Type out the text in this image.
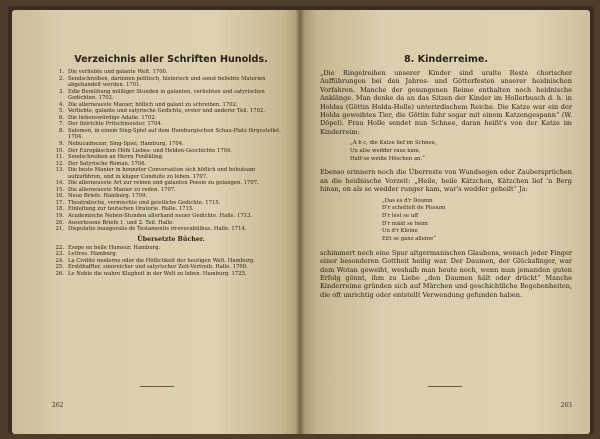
Verzeichnis aller Schriften Hunolds.
1. Die verliebte und galante Welt. 1700.
2. Sendschreiben, darinnen politisch, historisch und sonst beliebte Materien abgehandelt werden. 1701.
3. Edle Bemühung müßiger Stunden in galanten, verliebten und satyrischen Gedichten. 1702.
4. Die allerneueste Manier, höflich und galant zu schreiben. 1702.
5. Verliebte, galante und satyrische Gedichte, erster und anderer Teil. 1702.
6. Die liebenswürdige Adalie. 1702.
7. Der thörichte Pritschmeister. 1704.
8. Salomon, in einem Sing-Spiel auf dem Hamburgischen Schau-Platz fürgestellet. 1704.
9. Nebucadnezar, Sing-Spiel, Hamburg. 1704.
10. Der Europäischen Höfe Liebes- und Helden-Geschichte 1704.
11. Sendschreiben an Herrn Fenßkling.
12. Der Satyrische Roman. 1706.
13. Die beste Manier in honneter Conversation sich höflich und behutsam aufzuführen, und in kluger Conduite zu leben. 1707.
14. Die allerneueste Art zur reinen und galanten Poesie zu gelangen. 1707.
15. Die allerneueste Manier zu reden. 1707.
16. Neue Briefe. Hamburg. 1709.
17. Theatralische, vermischte und geistliche Gedichte. 1715.
18. Einleitung zur teutschen Oratorie. Halle. 1715.
19. Academische Neben-Stunden allerhand neuer Gedichte. Halle. 1713.
20. Auserlesene Briefe 1. und 2. Teil. Halle.
21. Disputatio inauguralis de Testamentis irrevocabilibus. Halle. 1714.
Übersetzte Bücher.
22. Esope en belle Humeur. Hamburg.
23. Lettres. Hamburg.
24. La Civilité moderne oder die Höflichkeit der heutigen Welt. Hamburg.
25. Erstöhaffter, sinnreicher und satyrischer Zeit-Vertreib. Halle. 1709.
26. Le Noble die wahre Klugheit in der Welt zu leben. Hamburg. 1725.
262
8. Kinderreime.

„Die Ringelreihen unserer Kinder sind uralte Reste chorischer Aufführungen bei den Jahres- und Götterfesten unserer heidnischen Vorfahren. Manche der gesungenen Reime enthalten noch heidnische Anklänge. Man denke da an das Sitzen der Kinder im Hollerbusch d. h. in Holdas (Göttin Holda-Holle) unterirdischem Reiche. Die Katze war ein der Holda geweihtes Tier, die Göttin fuhr sogar mit einem Katzengespann“ (W. Döpel). Frau Holle sendet nun Schnee, daran heißt's von der Katze im Kinderreim:

„A b c, die Katze lief im Schnee,
Un alse wedder raus kam,
Hatt'se weiße Höschen an.“

Ebenso erinnern noch die Überreste von Wundsegen oder Zaubersprüchen an die heidnische Vorzeit: „Heile, heile Kätzchen, Kätzchen lief 'n Berg hinan, on als se wedder runger kam, war's wedder geheilt“ Ja:

„Das es d'r Doumn
D'r schettelt de Plooum
D'r lest se uff
D'r määt se heim
Un d'r Kleine
Eßt se ganz alleine“

schimmert noch eine Spur altgermanischen Glaubens, wonach jeder Finger einer besonderen Gottheit heilig war. Der Daumen, der Glücksfinger, war dem Wotan geweiht, weshalb man heute noch, wenn man jemanden guten Erfolg gönnt, ihm zu Liebe „den Daumen hält oder drückt“ Manche Kinderreime gründen sich auf Märchen und geschichtliche Begebenheiten, die oft unrichtig oder entstellt Verwendung gefunden haben.

263
